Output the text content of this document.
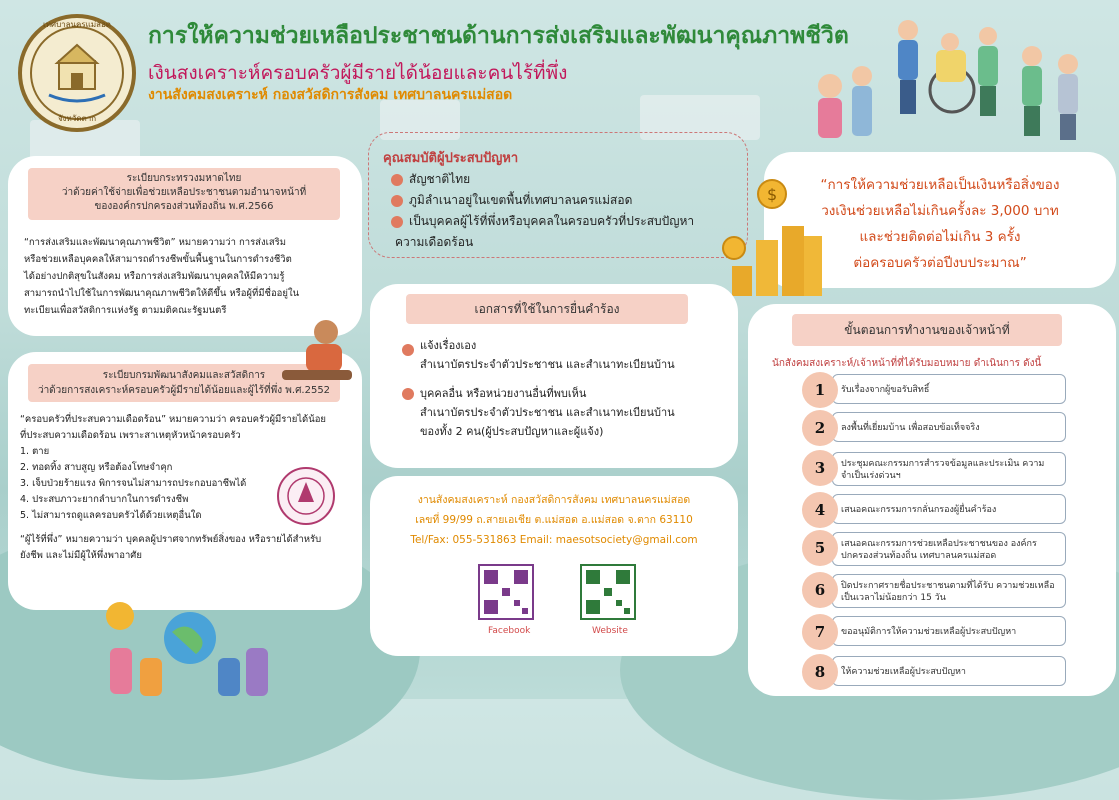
เทศบาลนครแม่สอด
จังหวัดตาก
การให้ความช่วยเหลือประชาชนด้านการส่งเสริมและพัฒนาคุณภาพชีวิต
เงินสงเคราะห์ครอบครัวผู้มีรายได้น้อยและคนไร้ที่พึ่ง
งานสังคมสงเคราะห์ กองสวัสดิการสังคม เทศบาลนครแม่สอด
ระเบียบกระทรวงมหาดไทย
ว่าด้วยค่าใช้จ่ายเพื่อช่วยเหลือประชาชนตามอำนาจหน้าที่
ขององค์กรปกครองส่วนท้องถิ่น พ.ศ.2566
“การส่งเสริมและพัฒนาคุณภาพชีวิต” หมายความว่า การส่งเสริม
หรือช่วยเหลือบุคคลให้สามารถดำรงชีพขั้นพื้นฐานในการดำรงชีวิต
ได้อย่างปกติสุขในสังคม หรือการส่งเสริมพัฒนาบุคคลให้มีความรู้
สามารถนำไปใช้ในการพัฒนาคุณภาพชีวิตให้ดีขึ้น หรือผู้ที่มีชื่ออยู่ใน
ทะเบียนเพื่อสวัสดิการแห่งรัฐ ตามมติคณะรัฐมนตรี
ระเบียบกรมพัฒนาสังคมและสวัสดิการ
ว่าด้วยการสงเคราะห์ครอบครัวผู้มีรายได้น้อยและผู้ไร้ที่พึ่ง พ.ศ.2552
“ครอบครัวที่ประสบความเดือดร้อน” หมายความว่า ครอบครัวผู้มีรายได้น้อย
ที่ประสบความเดือดร้อน เพราะสาเหตุหัวหน้าครอบครัว
1. ตาย
2. ทอดทิ้ง สาบสูญ หรือต้องโทษจำคุก
3. เจ็บป่วยร้ายแรง พิการจนไม่สามารถประกอบอาชีพได้
4. ประสบภาวะยากลำบากในการดำรงชีพ
5. ไม่สามารถดูแลครอบครัวได้ด้วยเหตุอื่นใด
“ผู้ไร้ที่พึ่ง” หมายความว่า บุคคลผู้ปราศจากทรัพย์สิ่งของ หรือรายได้สำหรับ
ยังชีพ และไม่มีผู้ให้พึ่งพาอาศัย
คุณสมบัติผู้ประสบปัญหา
สัญชาติไทย
ภูมิลำเนาอยู่ในเขตพื้นที่เทศบาลนครแม่สอด
เป็นบุคคลผู้ไร้ที่พึ่งหรือบุคคลในครอบครัวที่ประสบปัญหา
ความเดือดร้อน
“การให้ความช่วยเหลือเป็นเงินหรือสิ่งของ
วงเงินช่วยเหลือไม่เกินครั้งละ 3,000 บาท
และช่วยติดต่อไม่เกิน 3 ครั้ง
ต่อครอบครัวต่อปีงบประมาณ”
$
เอกสารที่ใช้ในการยื่นคำร้อง
แจ้งเรื่องเอง
สำเนาบัตรประจำตัวประชาชน และสำเนาทะเบียนบ้าน
บุคคลอื่น หรือหน่วยงานอื่นที่พบเห็น
สำเนาบัตรประจำตัวประชาชน และสำเนาทะเบียนบ้าน
ของทั้ง 2 คน(ผู้ประสบปัญหาและผู้แจ้ง)
งานสังคมสงเคราะห์ กองสวัสดิการสังคม เทศบาลนครแม่สอด
เลขที่ 99/99 ถ.สายเอเชีย ต.แม่สอด อ.แม่สอด จ.ตาก 63110
Tel/Fax: 055-531863 Email: maesotsociety@gmail.com
Facebook	Website
ขั้นตอนการทำงานของเจ้าหน้าที่
นักสังคมสงเคราะห์/เจ้าหน้าที่ที่ได้รับมอบหมาย ดำเนินการ ดังนี้
รับเรื่องจากผู้ขอรับสิทธิ์
1
ลงพื้นที่เยี่ยมบ้าน เพื่อสอบข้อเท็จจริง
2
ประชุมคณะกรรมการสำรวจข้อมูลและประเมิน ความจำเป็นเร่งด่วนฯ
3
เสนอคณะกรรมการกลั่นกรองผู้ยื่นคำร้อง
4
เสนอคณะกรรมการช่วยเหลือประชาชนของ องค์กรปกครองส่วนท้องถิ่น เทศบาลนครแม่สอด
5
ปิดประกาศรายชื่อประชาชนตามที่ได้รับ ความช่วยเหลือ เป็นเวลาไม่น้อยกว่า 15 วัน
6
ขออนุมัติการให้ความช่วยเหลือผู้ประสบปัญหา
7
ให้ความช่วยเหลือผู้ประสบปัญหา
8
